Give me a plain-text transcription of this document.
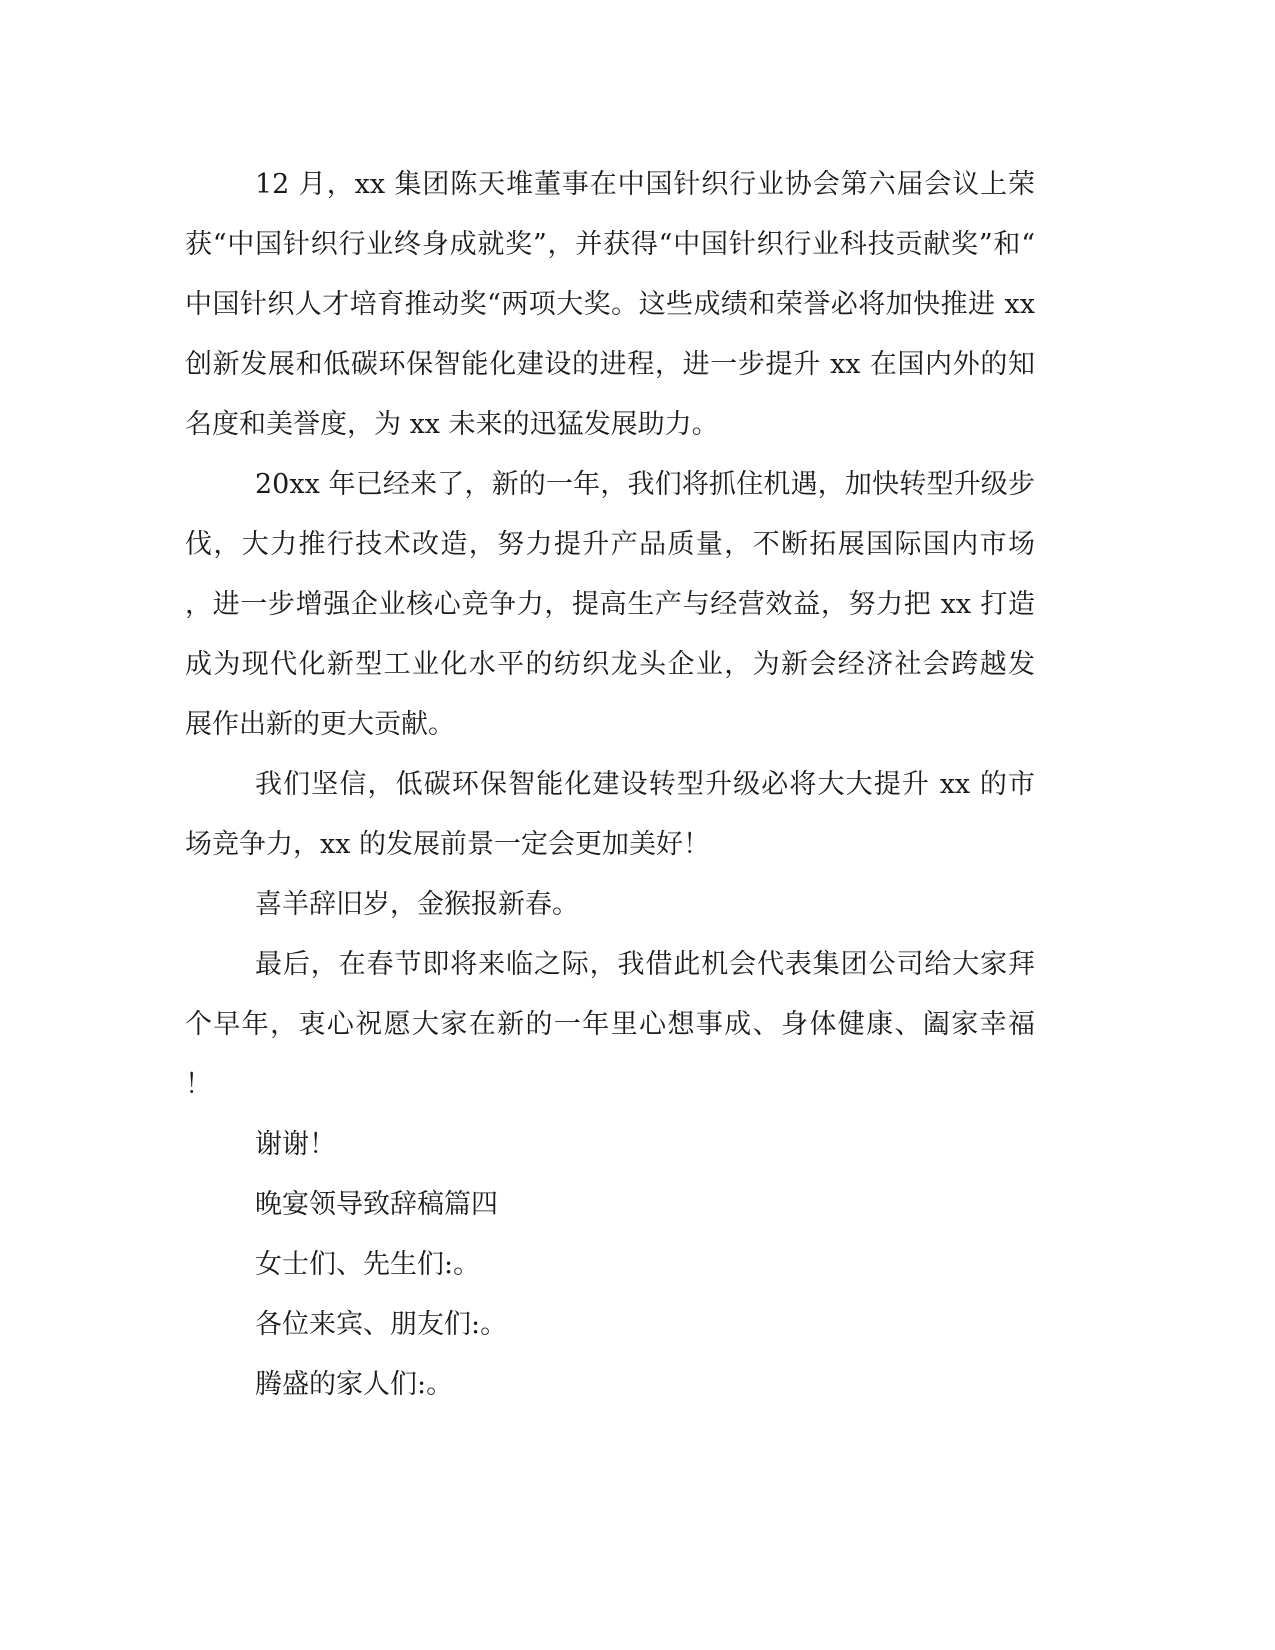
12 月，xx 集团陈天堆董事在中国针织行业协会第六届会议上荣
获“中国针织行业终身成就奖”，并获得“中国针织行业科技贡献奖”和“
中国针织人才培育推动奖“两项大奖。这些成绩和荣誉必将加快推进 xx
创新发展和低碳环保智能化建设的进程，进一步提升 xx 在国内外的知
名度和美誉度，为 xx 未来的迅猛发展助力。
20xx 年已经来了，新的一年，我们将抓住机遇，加快转型升级步
伐，大力推行技术改造，努力提升产品质量，不断拓展国际国内市场
，进一步增强企业核心竞争力，提高生产与经营效益，努力把 xx 打造
成为现代化新型工业化水平的纺织龙头企业，为新会经济社会跨越发
展作出新的更大贡献。
我们坚信，低碳环保智能化建设转型升级必将大大提升 xx 的市
场竞争力，xx 的发展前景一定会更加美好！
喜羊辞旧岁，金猴报新春。
最后，在春节即将来临之际，我借此机会代表集团公司给大家拜
个早年，衷心祝愿大家在新的一年里心想事成、身体健康、阖家幸福
！
谢谢！
晚宴领导致辞稿篇四
女士们、先生们:。
各位来宾、朋友们:。
腾盛的家人们:。
